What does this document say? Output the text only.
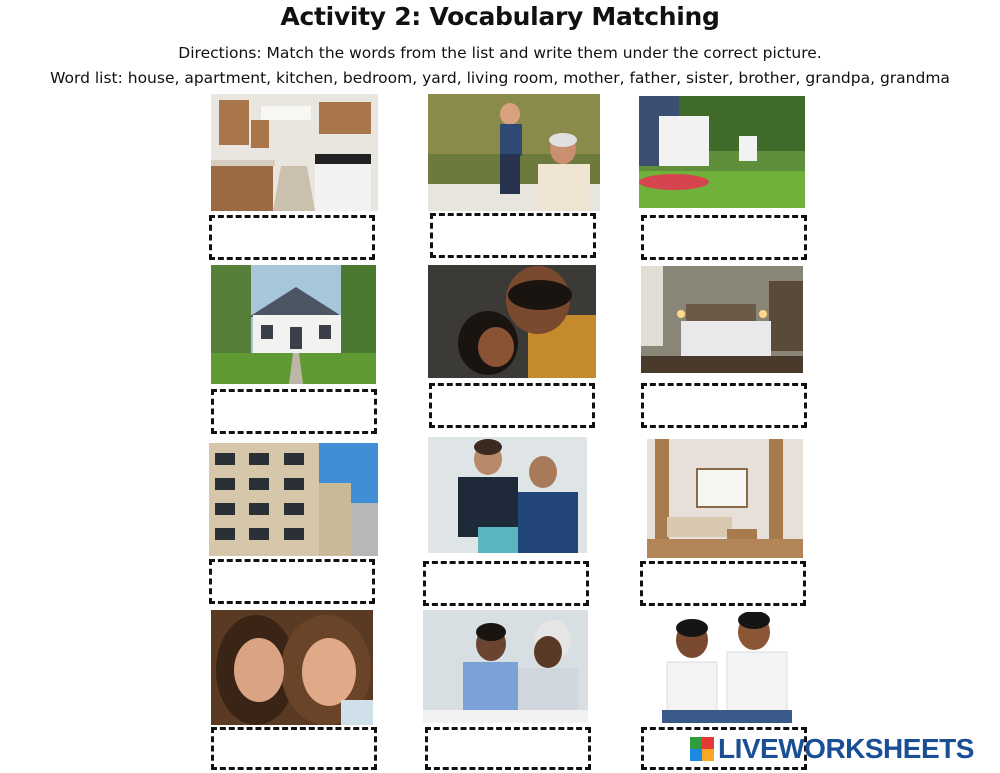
Activity 2: Vocabulary Matching
Directions: Match the words from the list and write them under the correct picture.
Word list: house, apartment, kitchen, bedroom, yard, living room, mother, father, sister, brother, grandpa, grandma
LIVEWORKSHEETS
